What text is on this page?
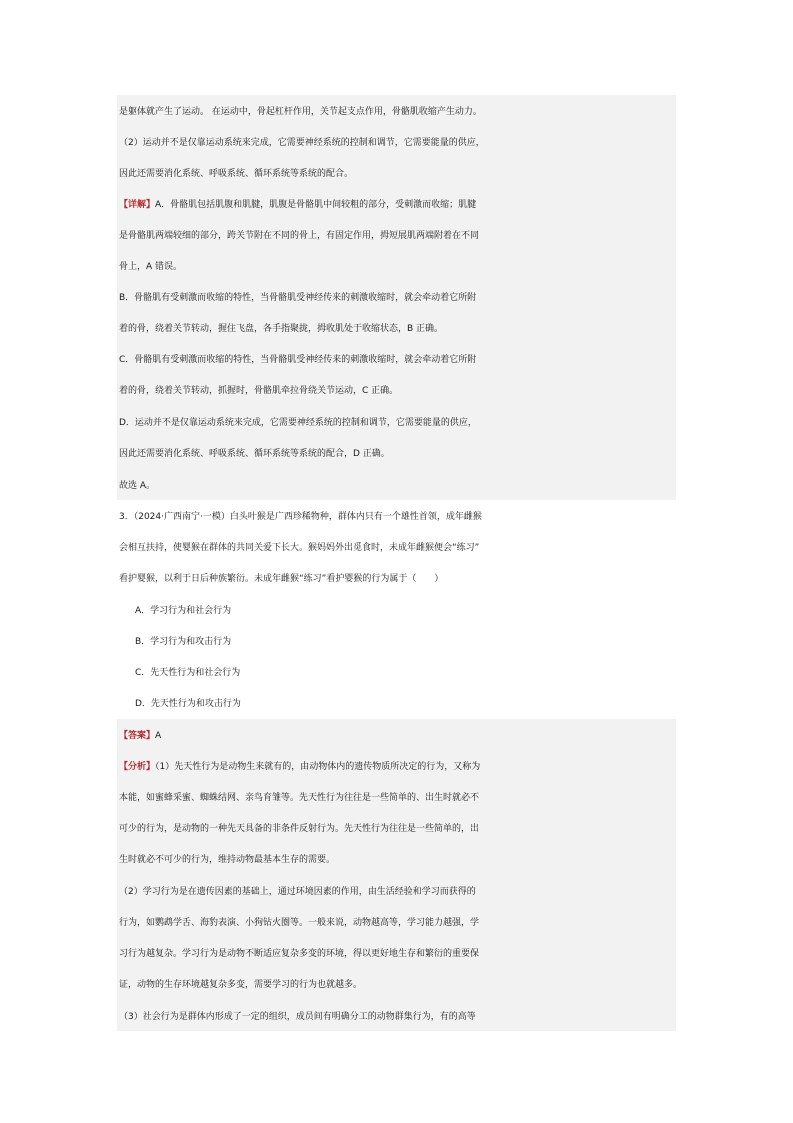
是躯体就产生了运动。 在运动中，骨起杠杆作用，关节起支点作用，骨骼肌收缩产生动力。
（2）运动并不是仅靠运动系统来完成，它需要神经系统的控制和调节，它需要能量的供应，
因此还需要消化系统、呼吸系统、循环系统等系统的配合。
【详解】A．骨骼肌包括肌腹和肌腱，肌腹是骨骼肌中间较粗的部分，受刺激而收缩；肌腱
是骨骼肌两端较细的部分，跨关节附在不同的骨上，有固定作用，拇短展肌两端附着在不同
骨上，A 错误。
B．骨骼肌有受刺激而收缩的特性，当骨骼肌受神经传来的刺激收缩时，就会牵动着它所附
着的骨，绕着关节转动，握住飞盘，各手指聚拢，拇收肌处于收缩状态，B 正确。
C．骨骼肌有受刺激而收缩的特性，当骨骼肌受神经传来的刺激收缩时，就会牵动着它所附
着的骨，绕着关节转动，抓握时，骨骼肌牵拉骨绕关节运动，C 正确。
D．运动并不是仅靠运动系统来完成，它需要神经系统的控制和调节，它需要能量的供应，
因此还需要消化系统、呼吸系统、循环系统等系统的配合，D 正确。
故选 A。
3．（2024·广西南宁·一模）白头叶猴是广西珍稀物种，群体内只有一个雄性首领，成年雌猴
会相互扶持，使婴猴在群体的共同关爱下长大。猴妈妈外出觅食时，未成年雌猴便会“练习”
看护婴猴，以利于日后种族繁衍。未成年雌猴“练习”看护婴猴的行为属于（　　）
A．学习行为和社会行为
B．学习行为和攻击行为
C．先天性行为和社会行为
D．先天性行为和攻击行为
【答案】A
【分析】（1）先天性行为是动物生来就有的，由动物体内的遗传物质所决定的行为，又称为
本能，如蜜蜂采蜜、蜘蛛结网、亲鸟育雏等。先天性行为往往是一些简单的、出生时就必不
可少的行为，是动物的一种先天具备的非条件反射行为。先天性行为往往是一些简单的，出
生时就必不可少的行为，维持动物最基本生存的需要。
（2）学习行为是在遗传因素的基础上，通过环境因素的作用，由生活经验和学习而获得的
行为，如鹦鹉学舌、海豹表演、小狗钻火圈等。一般来说，动物越高等，学习能力越强，学
习行为越复杂。学习行为是动物不断适应复杂多变的环境，得以更好地生存和繁衍的重要保
证，动物的生存环境越复杂多变，需要学习的行为也就越多。
（3）社会行为是群体内形成了一定的组织，成员间有明确分工的动物群集行为，有的高等
